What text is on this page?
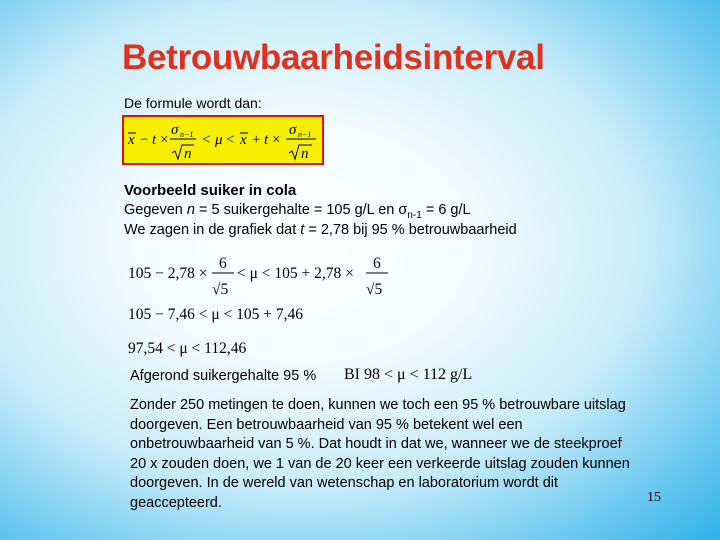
Betrouwbaarheidsinterval
De formule wordt dan:
x − t ×
σ n−1
n
< μ < x + t ×
σ n−1
n
Voorbeeld suiker in cola
Gegeven n = 5 suikergehalte = 105 g/L en $\sigma_{n-1} = 6$ g/L
We zagen in de grafiek dat t = 2,78 bij 95 % betrouwbaarheid
105 − 2,78 ×
6
√5
< μ < 105 + 2,78 ×
6
√5
105 − 7,46 < μ < 105 + 7,46
97,54 < μ < 112,46
Afgerond suikergehalte 95 % BI 98 < μ < 112 g/L
Zonder 250 metingen te doen, kunnen we toch een 95 % betrouwbare uitslag doorgeven. Een betrouwbaarheid van 95 % betekent wel een onbetrouwbaarheid van 5 %. Dat houdt in dat we, wanneer we de steekproef 20 x zouden doen, we 1 van de 20 keer een verkeerde uitslag zouden kunnen doorgeven. In de wereld van wetenschap en laboratorium wordt dit geaccepteerd.	15
